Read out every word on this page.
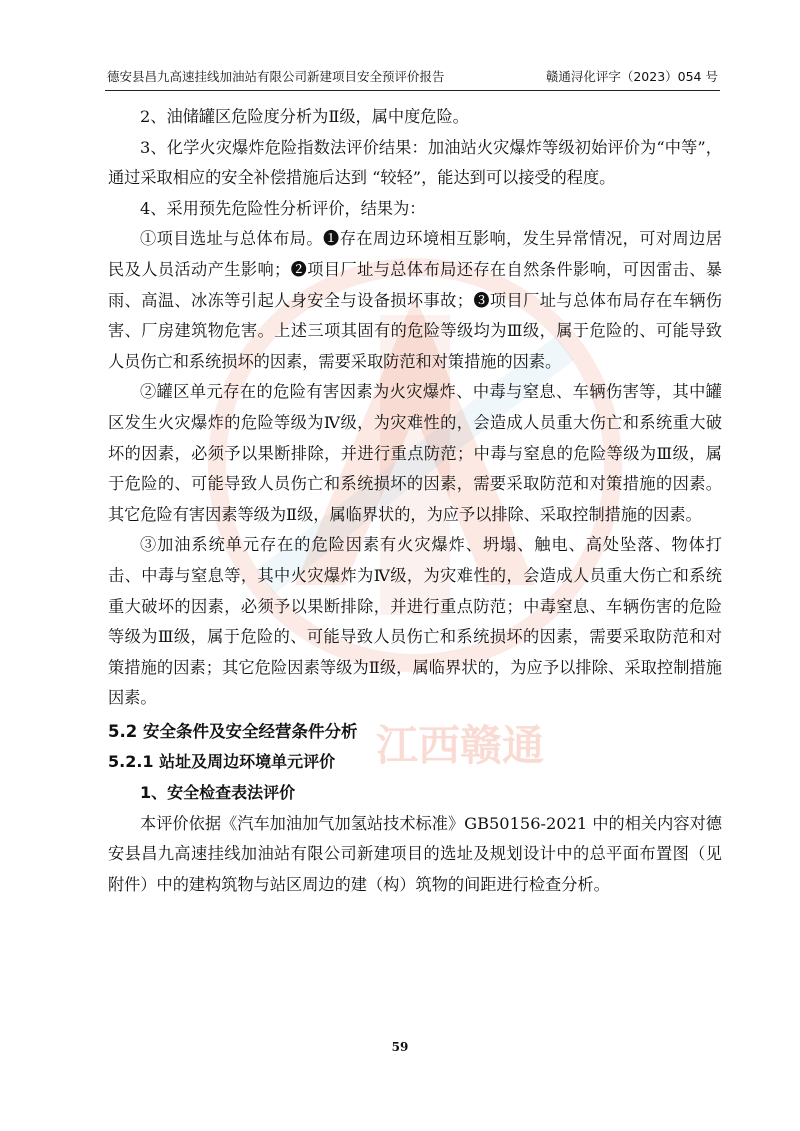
德安县昌九高速挂线加油站有限公司新建项目安全预评价报告	赣通浔化评字（2023）054 号
江西赣通

2、油储罐区危险度分析为Ⅱ级，属中度危险。

3、化学火灾爆炸危险指数法评价结果：加油站火灾爆炸等级初始评价为“中等”，通过采取相应的安全补偿措施后达到 “较轻”，能达到可以接受的程度。

4、采用预先危险性分析评价，结果为：

①项目选址与总体布局。❶存在周边环境相互影响，发生异常情况，可对周边居民及人员活动产生影响；❷项目厂址与总体布局还存在自然条件影响，可因雷击、暴雨、高温、冰冻等引起人身安全与设备损坏事故；❸项目厂址与总体布局存在车辆伤害、厂房建筑物危害。上述三项其固有的危险等级均为Ⅲ级，属于危险的、可能导致人员伤亡和系统损坏的因素，需要采取防范和对策措施的因素。

②罐区单元存在的危险有害因素为火灾爆炸、中毒与窒息、车辆伤害等，其中罐区发生火灾爆炸的危险等级为Ⅳ级，为灾难性的，会造成人员重大伤亡和系统重大破坏的因素，必须予以果断排除，并进行重点防范；中毒与窒息的危险等级为Ⅲ级，属于危险的、可能导致人员伤亡和系统损坏的因素，需要采取防范和对策措施的因素。其它危险有害因素等级为Ⅱ级，属临界状的，为应予以排除、采取控制措施的因素。

③加油系统单元存在的危险因素有火灾爆炸、坍塌、触电、高处坠落、物体打击、中毒与窒息等，其中火灾爆炸为Ⅳ级，为灾难性的，会造成人员重大伤亡和系统重大破坏的因素，必须予以果断排除，并进行重点防范；中毒窒息、车辆伤害的危险等级为Ⅲ级，属于危险的、可能导致人员伤亡和系统损坏的因素，需要采取防范和对策措施的因素；其它危险因素等级为Ⅱ级，属临界状的，为应予以排除、采取控制措施因素。

5.2 安全条件及安全经营条件分析

5.2.1 站址及周边环境单元评价

1、安全检查表法评价

本评价依据《汽车加油加气加氢站技术标准》GB50156-2021 中的相关内容对德安县昌九高速挂线加油站有限公司新建项目的选址及规划设计中的总平面布置图（见附件）中的建构筑物与站区周边的建（构）筑物的间距进行检查分析。

59
